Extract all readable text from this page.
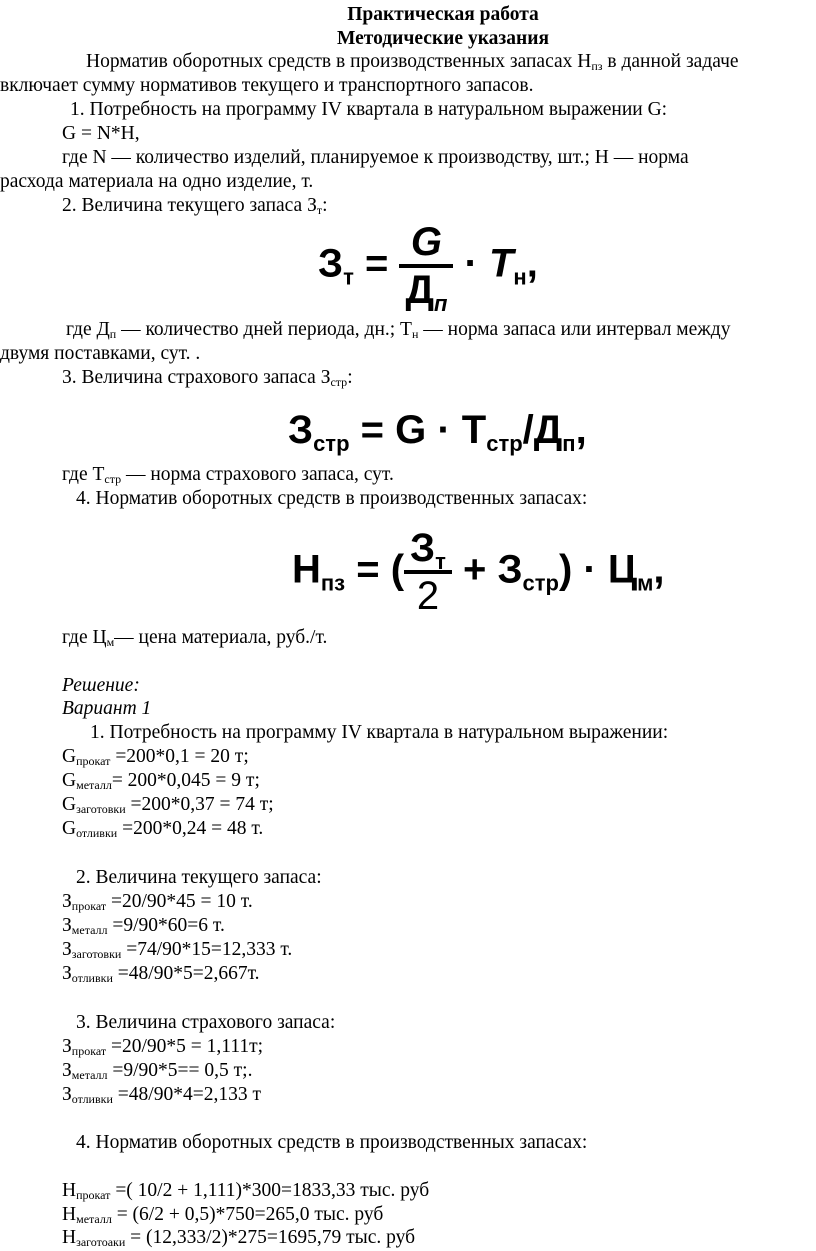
Практическая работа
Методические указания
Норматив оборотных средств в производственных запасах $Н_{пз}$ в данной задаче
включает сумму нормативов текущего и транспортного запасов.
1. Потребность на программу IV квартала в натуральном выражении G:
G = N*H,
где N — количество изделий, планируемое к производству, шт.; Н — норма
расхода материала на одно изделие, т.
2. Величина текущего запаса $З_т$:
$З_т = \frac{G}{Д_п} \cdot Т_н$,
где $Д_п$ — количество дней периода, дн.; $Т_н$ — норма запаса или интервал между
двумя поставками, сут. .
3. Величина страхового запаса $З_{стр}$:
$З_{стр} = G \cdot Т_{стр}/Д_п$,
где $Т_{стр}$ — норма страхового запаса, сут.
4. Норматив оборотных средств в производственных запасах:
$Н_{пз}$ = ( $\frac{З_т}{2} + З_{стр}) \cdot Ц_м$,
где $Ц_м—$ цена материала, руб./т.
Решение:
Вариант 1
1. Потребность на программу IV квартала в натуральном выражении:
$G_{прокат} =200*0,1 = 20$ т;
$G_{металл}= 200*0,045 = 9$ т;
$G_{заготовки} =200*0,37 = 74$ т;
$G_{отливки} =200*0,24 = 48$ т.
2. Величина текущего запаса:
$З_{прокат} =20/90*45 = 10$ т.
$З_{металл} =9/90*60=6$ т.
$З_{заготовки} =74/90*15=12,333$ т.
$З_{отливки} =48/90*5=2,667т$.
3. Величина страхового запаса:
$З_{прокат} =20/90*5 = 1,111т$;
$З_{металл} =9/90*5== 0,5$ т;.
$З_{отливки} =48/90*4=2,133$ т
4. Норматив оборотных средств в производственных запасах:
$Н_{прокат}$ =( 10/2 + 1,111)*300=1833,33 тыс. руб
$Н_{металл} = (6/2 + 0,5)*750=265,0$ тыс. руб
$Н_{заготоаки} = (12,333/2)*275=1695,79$ тыс. руб
